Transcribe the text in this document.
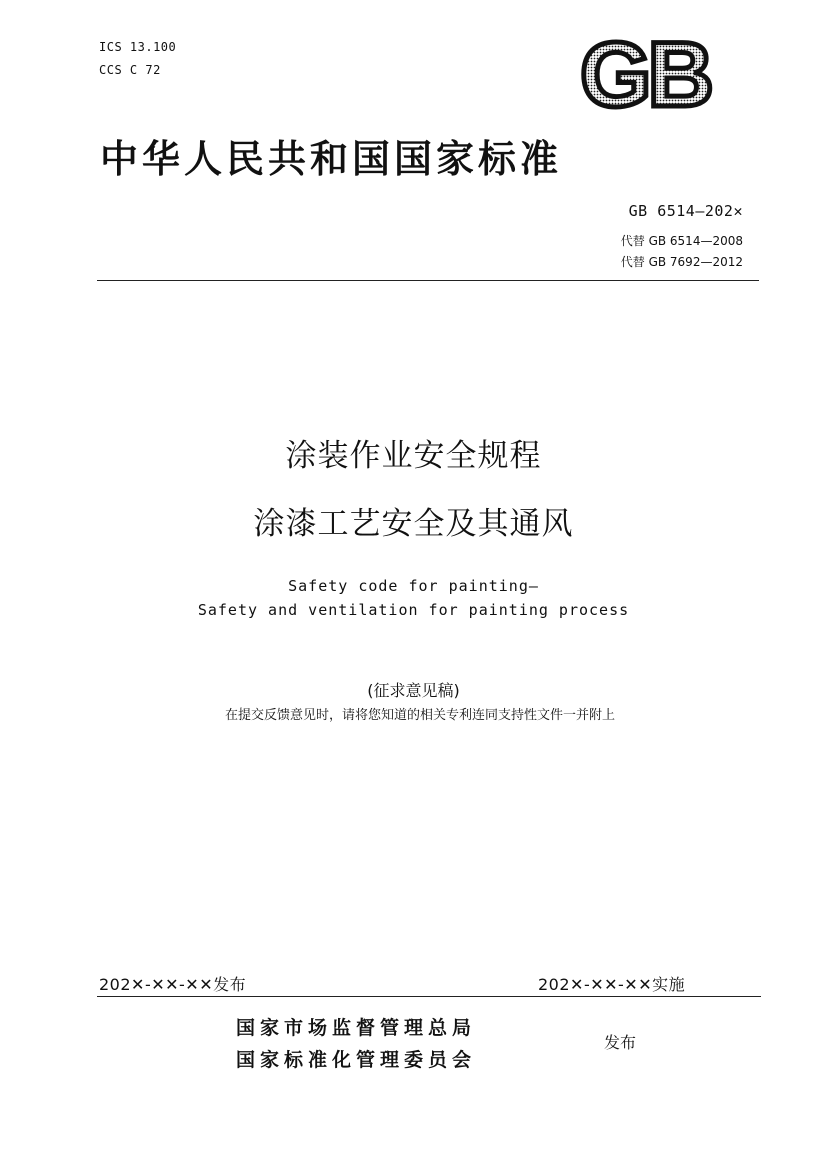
ICS 13.100
CCS C 72	GB
中华人民共和国国家标准
GB 6514—202✕
代替 GB 6514—2008
代替 GB 7692—2012
涂装作业安全规程
涂漆工艺安全及其通风
Safety code for painting—
Safety and ventilation for painting process
(征求意见稿)
在提交反馈意见时，请将您知道的相关专利连同支持性文件一并附上
202✕-✕✕-✕✕发布	202✕-✕✕-✕✕实施
国家市场监督管理总局
国家标准化管理委员会
发布
